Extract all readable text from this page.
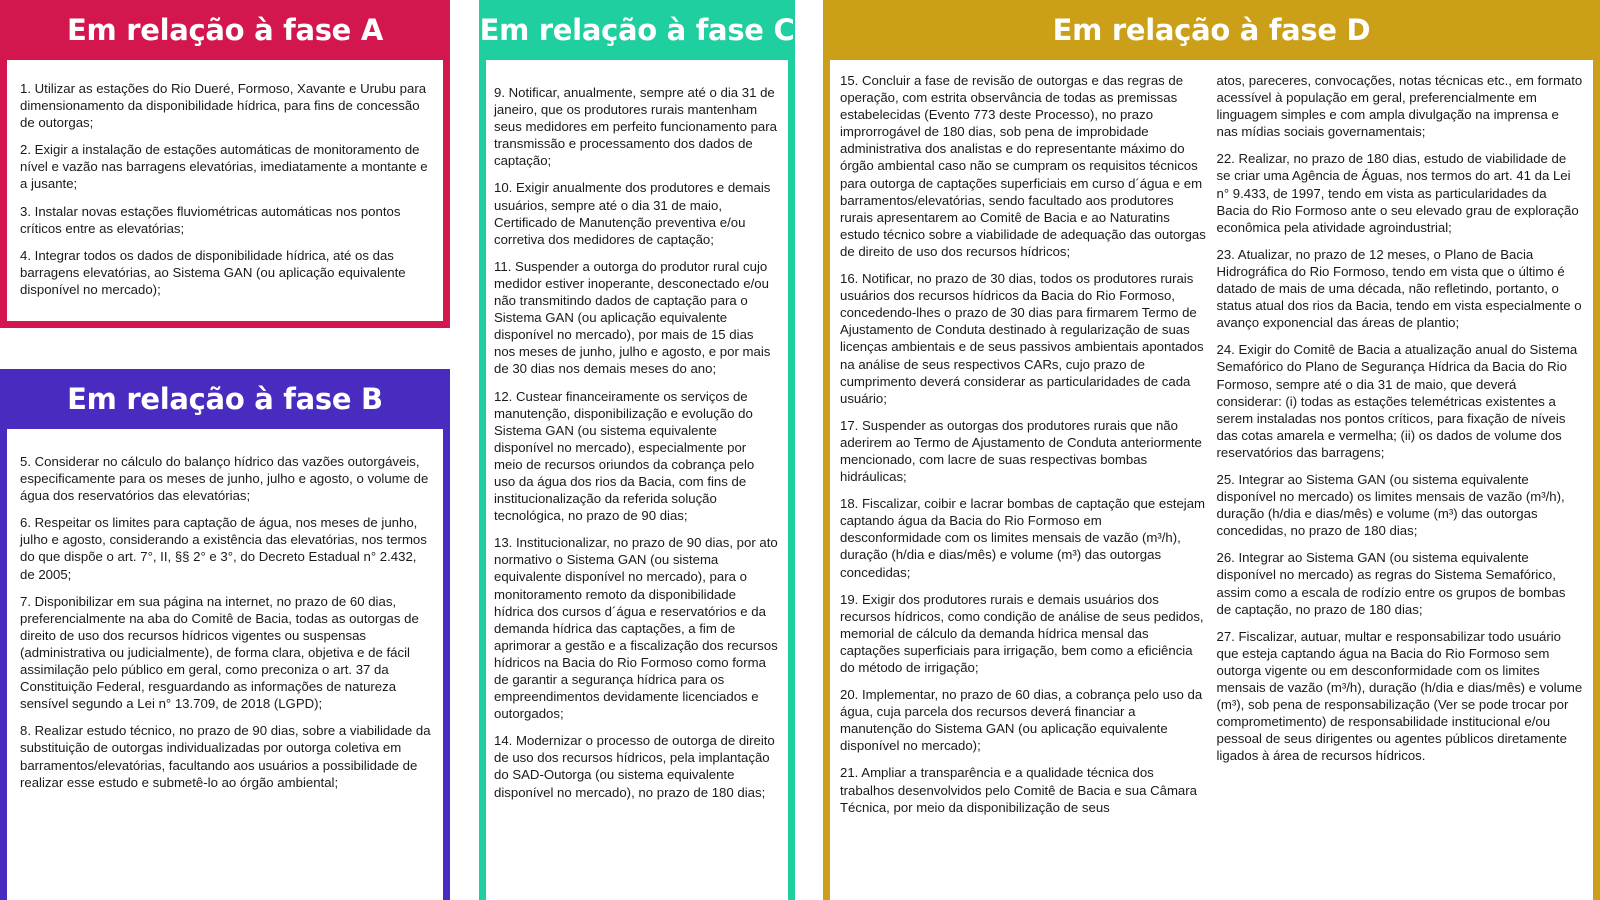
Em relação à fase A

1. Utilizar as estações do Rio Dueré, Formoso, Xavante e Urubu para dimensionamento da disponibilidade hídrica, para fins de concessão de outorgas;

2. Exigir a instalação de estações automáticas de monitoramento de nível e vazão nas barragens elevatórias, imediatamente a montante e a jusante;

3. Instalar novas estações fluviométricas automáticas nos pontos críticos entre as elevatórias;

4. Integrar todos os dados de disponibilidade hídrica, até os das barragens elevatórias, ao Sistema GAN (ou aplicação equivalente disponível no mercado);

Em relação à fase B

5. Considerar no cálculo do balanço hídrico das vazões outorgáveis, especificamente para os meses de junho, julho e agosto, o volume de água dos reservatórios das elevatórias;

6. Respeitar os limites para captação de água, nos meses de junho, julho e agosto, considerando a existência das elevatórias, nos termos do que dispõe o art. 7°, II, §§ 2° e 3°, do Decreto Estadual n° 2.432, de 2005;

7. Disponibilizar em sua página na internet, no prazo de 60 dias, preferencialmente na aba do Comitê de Bacia, todas as outorgas de direito de uso dos recursos hídricos vigentes ou suspensas (administrativa ou judicialmente), de forma clara, objetiva e de fácil assimilação pelo público em geral, como preconiza o art. 37 da Constituição Federal, resguardando as informações de natureza sensível segundo a Lei n° 13.709, de 2018 (LGPD);

8. Realizar estudo técnico, no prazo de 90 dias, sobre a viabilidade da substituição de outorgas individualizadas por outorga coletiva em barramentos/elevatórias, facultando aos usuários a possibilidade de realizar esse estudo e submetê-lo ao órgão ambiental;

Em relação à fase C

9. Notificar, anualmente, sempre até o dia 31 de janeiro, que os produtores rurais mantenham seus medidores em perfeito funcionamento para transmissão e processamento dos dados de captação;

10. Exigir anualmente dos produtores e demais usuários, sempre até o dia 31 de maio, Certificado de Manutenção preventiva e/ou corretiva dos medidores de captação;

11. Suspender a outorga do produtor rural cujo medidor estiver inoperante, desconectado e/ou não transmitindo dados de captação para o Sistema GAN (ou aplicação equivalente disponível no mercado), por mais de 15 dias nos meses de junho, julho e agosto, e por mais de 30 dias nos demais meses do ano;

12. Custear financeiramente os serviços de manutenção, disponibilização e evolução do Sistema GAN (ou sistema equivalente disponível no mercado), especialmente por meio de recursos oriundos da cobrança pelo uso da água dos rios da Bacia, com fins de institucionalização da referida solução tecnológica, no prazo de 90 dias;

13. Institucionalizar, no prazo de 90 dias, por ato normativo o Sistema GAN (ou sistema equivalente disponível no mercado), para o monitoramento remoto da disponibilidade hídrica dos cursos d´água e reservatórios e da demanda hídrica das captações, a fim de aprimorar a gestão e a fiscalização dos recursos hídricos na Bacia do Rio Formoso como forma de garantir a segurança hídrica para os empreendimentos devidamente licenciados e outorgados;

14. Modernizar o processo de outorga de direito de uso dos recursos hídricos, pela implantação do SAD-Outorga (ou sistema equivalente disponível no mercado), no prazo de 180 dias;

Em relação à fase D

15. Concluir a fase de revisão de outorgas e das regras de operação, com estrita observância de todas as premissas estabelecidas (Evento 773 deste Processo), no prazo improrrogável de 180 dias, sob pena de improbidade administrativa dos analistas e do representante máximo do órgão ambiental caso não se cumpram os requisitos técnicos para outorga de captações superficiais em curso d´água e em barramentos/elevatórias, sendo facultado aos produtores rurais apresentarem ao Comitê de Bacia e ao Naturatins estudo técnico sobre a viabilidade de adequação das outorgas de direito de uso dos recursos hídricos;

16. Notificar, no prazo de 30 dias, todos os produtores rurais usuários dos recursos hídricos da Bacia do Rio Formoso, concedendo-lhes o prazo de 30 dias para firmarem Termo de Ajustamento de Conduta destinado à regularização de suas licenças ambientais e de seus passivos ambientais apontados na análise de seus respectivos CARs, cujo prazo de cumprimento deverá considerar as particularidades de cada usuário;

17. Suspender as outorgas dos produtores rurais que não aderirem ao Termo de Ajustamento de Conduta anteriormente mencionado, com lacre de suas respectivas bombas hidráulicas;

18. Fiscalizar, coibir e lacrar bombas de captação que estejam captando água da Bacia do Rio Formoso em desconformidade com os limites mensais de vazão (m³/h), duração (h/dia e dias/mês) e volume (m³) das outorgas concedidas;

19. Exigir dos produtores rurais e demais usuários dos recursos hídricos, como condição de análise de seus pedidos, memorial de cálculo da demanda hídrica mensal das captações superficiais para irrigação, bem como a eficiência do método de irrigação;

20. Implementar, no prazo de 60 dias, a cobrança pelo uso da água, cuja parcela dos recursos deverá financiar a manutenção do Sistema GAN (ou aplicação equivalente disponível no mercado);

21. Ampliar a transparência e a qualidade técnica dos trabalhos desenvolvidos pelo Comitê de Bacia e sua Câmara Técnica, por meio da disponibilização de seus

atos, pareceres, convocações, notas técnicas etc., em formato acessível à população em geral, preferencialmente em linguagem simples e com ampla divulgação na imprensa e nas mídias sociais governamentais;

22. Realizar, no prazo de 180 dias, estudo de viabilidade de se criar uma Agência de Águas, nos termos do art. 41 da Lei n° 9.433, de 1997, tendo em vista as particularidades da Bacia do Rio Formoso ante o seu elevado grau de exploração econômica pela atividade agroindustrial;

23. Atualizar, no prazo de 12 meses, o Plano de Bacia Hidrográfica do Rio Formoso, tendo em vista que o último é datado de mais de uma década, não refletindo, portanto, o status atual dos rios da Bacia, tendo em vista especialmente o avanço exponencial das áreas de plantio;

24. Exigir do Comitê de Bacia a atualização anual do Sistema Semafórico do Plano de Segurança Hídrica da Bacia do Rio Formoso, sempre até o dia 31 de maio, que deverá considerar: (i) todas as estações telemétricas existentes a serem instaladas nos pontos críticos, para fixação de níveis das cotas amarela e vermelha; (ii) os dados de volume dos reservatórios das barragens;

25. Integrar ao Sistema GAN (ou sistema equivalente disponível no mercado) os limites mensais de vazão (m³/h), duração (h/dia e dias/mês) e volume (m³) das outorgas concedidas, no prazo de 180 dias;

26. Integrar ao Sistema GAN (ou sistema equivalente disponível no mercado) as regras do Sistema Semafórico, assim como a escala de rodízio entre os grupos de bombas de captação, no prazo de 180 dias;

27. Fiscalizar, autuar, multar e responsabilizar todo usuário que esteja captando água na Bacia do Rio Formoso sem outorga vigente ou em desconformidade com os limites mensais de vazão (m³/h), duração (h/dia e dias/mês) e volume (m³), sob pena de responsabilização (Ver se pode trocar por comprometimento) de responsabilidade institucional e/ou pessoal de seus dirigentes ou agentes públicos diretamente ligados à área de recursos hídricos.
